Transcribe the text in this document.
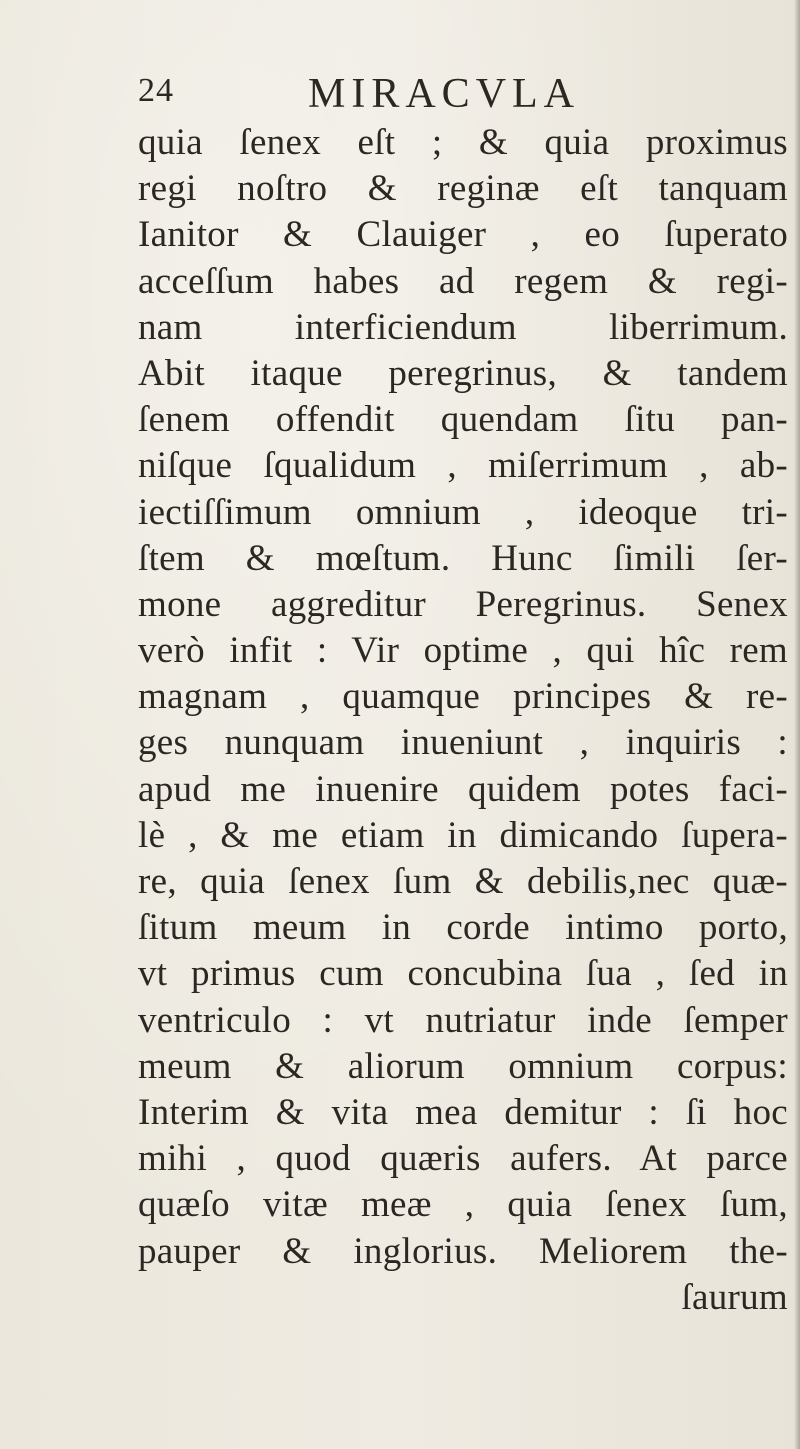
24	MIRACVLA
quia ſenex eſt ; & quia proximus
regi noſtro & reginæ eſt tanquam
Ianitor & Clauiger , eo ſuperato
acceſſum habes ad regem & regi-
nam interficiendum liberrimum.
Abit itaque peregrinus, & tandem
ſenem offendit quendam ſitu pan-
niſque ſqualidum , miſerrimum , ab-
iectiſſimum omnium , ideoque tri-
ſtem & mœſtum. Hunc ſimili ſer-
mone aggreditur Peregrinus. Senex
verò infit : Vir optime , qui hîc rem
magnam , quamque principes & re-
ges nunquam inueniunt , inquiris :
apud me inuenire quidem potes faci-
lè , & me etiam in dimicando ſupera-
re, quia ſenex ſum & debilis,nec quæ-
ſitum meum in corde intimo porto,
vt primus cum concubina ſua , ſed in
ventriculo : vt nutriatur inde ſemper
meum & aliorum omnium corpus:
Interim & vita mea demitur : ſi hoc
mihi , quod quæris aufers. At parce
quæſo vitæ meæ , quia ſenex ſum,
pauper & inglorius. Meliorem the-
ſaurum
